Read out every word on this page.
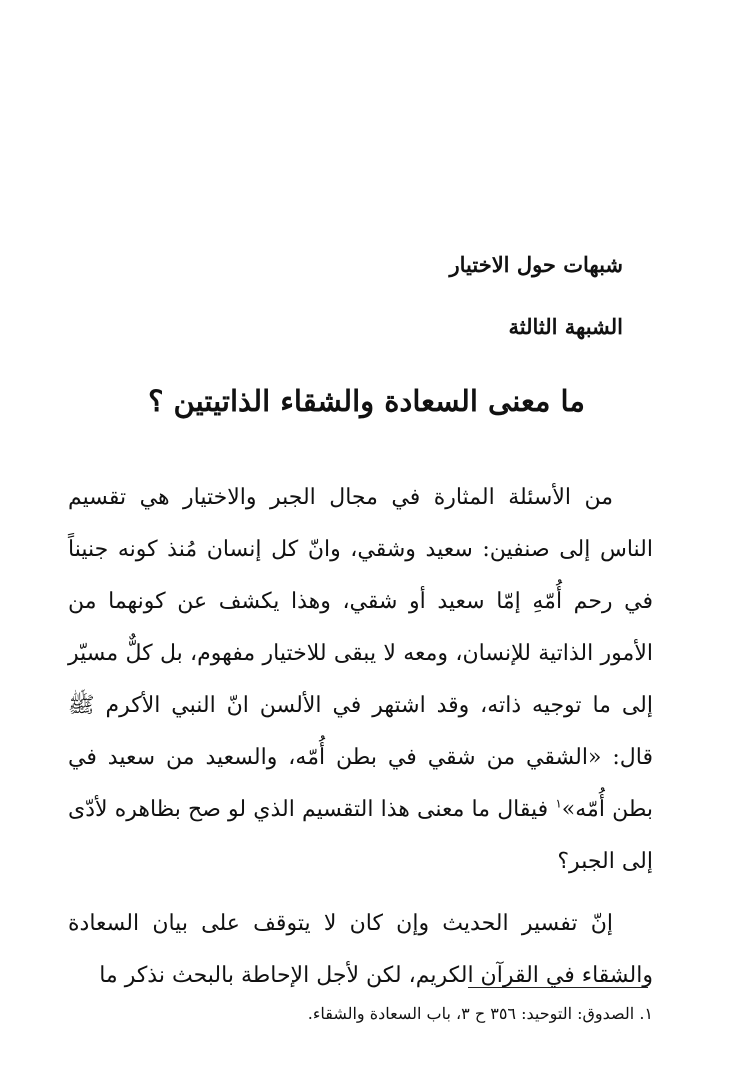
شبهات حول الاختيار
الشبهة الثالثة
ما معنى السعادة والشقاء الذاتيتين ؟

من الأسئلة المثارة في مجال الجبر والاختيار هي تقسيم الناس إلى صنفين: سعيد وشقي، وانّ كل إنسان مُنذ كونه جنيناً في رحم أُمّهِ إمّا سعيد أو شقي، وهذا يكشف عن كونهما من الأمور الذاتية للإنسان، ومعه لا يبقى للاختيار مفهوم، بل كلٌّ مسيّر إلى ما توجيه ذاته، وقد اشتهر في الألسن انّ النبي الأكرم ﷺ قال: «الشقي من شقي في بطن أُمّه، والسعيد من سعيد في بطن أُمّه»$^١$ فيقال ما معنى هذا التقسيم الذي لو صح بظاهره لأدّى إلى الجبر؟

إنّ تفسير الحديث وإن كان لا يتوقف على بيان السعادة والشقاء في القرآن الكريم، لكن لأجل الإحاطة بالبحث نذكر ما

١. الصدوق: التوحيد: ٣٥٦ ح ٣، باب السعادة والشقاء.
